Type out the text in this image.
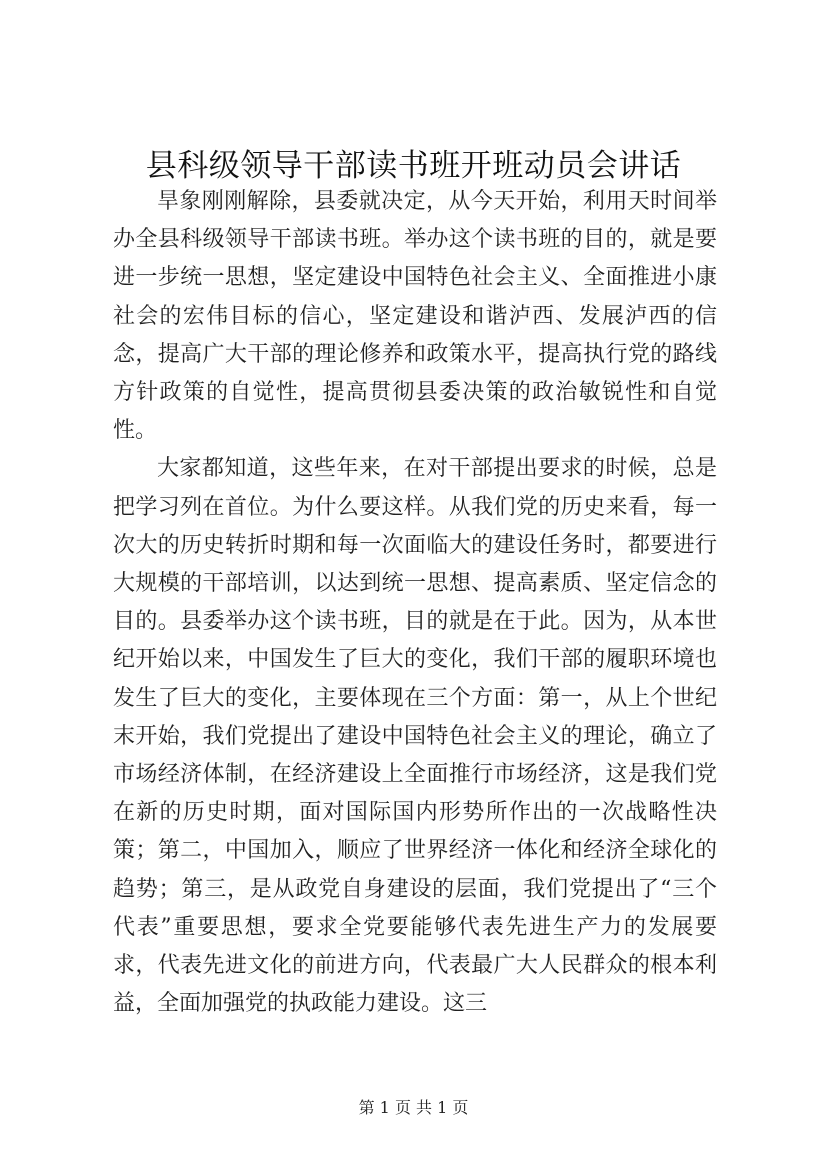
县科级领导干部读书班开班动员会讲话

旱象刚刚解除，县委就决定，从今天开始，利用天时间举办全县科级领导干部读书班。举办这个读书班的目的，就是要进一步统一思想，坚定建设中国特色社会主义、全面推进小康社会的宏伟目标的信心，坚定建设和谐泸西、发展泸西的信念，提高广大干部的理论修养和政策水平，提高执行党的路线方针政策的自觉性，提高贯彻县委决策的政治敏锐性和自觉性。

大家都知道，这些年来，在对干部提出要求的时候，总是把学习列在首位。为什么要这样。从我们党的历史来看，每一次大的历史转折时期和每一次面临大的建设任务时，都要进行大规模的干部培训，以达到统一思想、提高素质、坚定信念的目的。县委举办这个读书班，目的就是在于此。因为，从本世纪开始以来，中国发生了巨大的变化，我们干部的履职环境也发生了巨大的变化，主要体现在三个方面：第一，从上个世纪末开始，我们党提出了建设中国特色社会主义的理论，确立了市场经济体制，在经济建设上全面推行市场经济，这是我们党在新的历史时期，面对国际国内形势所作出的一次战略性决策；第二，中国加入，顺应了世界经济一体化和经济全球化的趋势；第三，是从政党自身建设的层面，我们党提出了“三个代表”重要思想，要求全党要能够代表先进生产力的发展要求，代表先进文化的前进方向，代表最广大人民群众的根本利益，全面加强党的执政能力建设。这三

第 1 页 共 1 页
